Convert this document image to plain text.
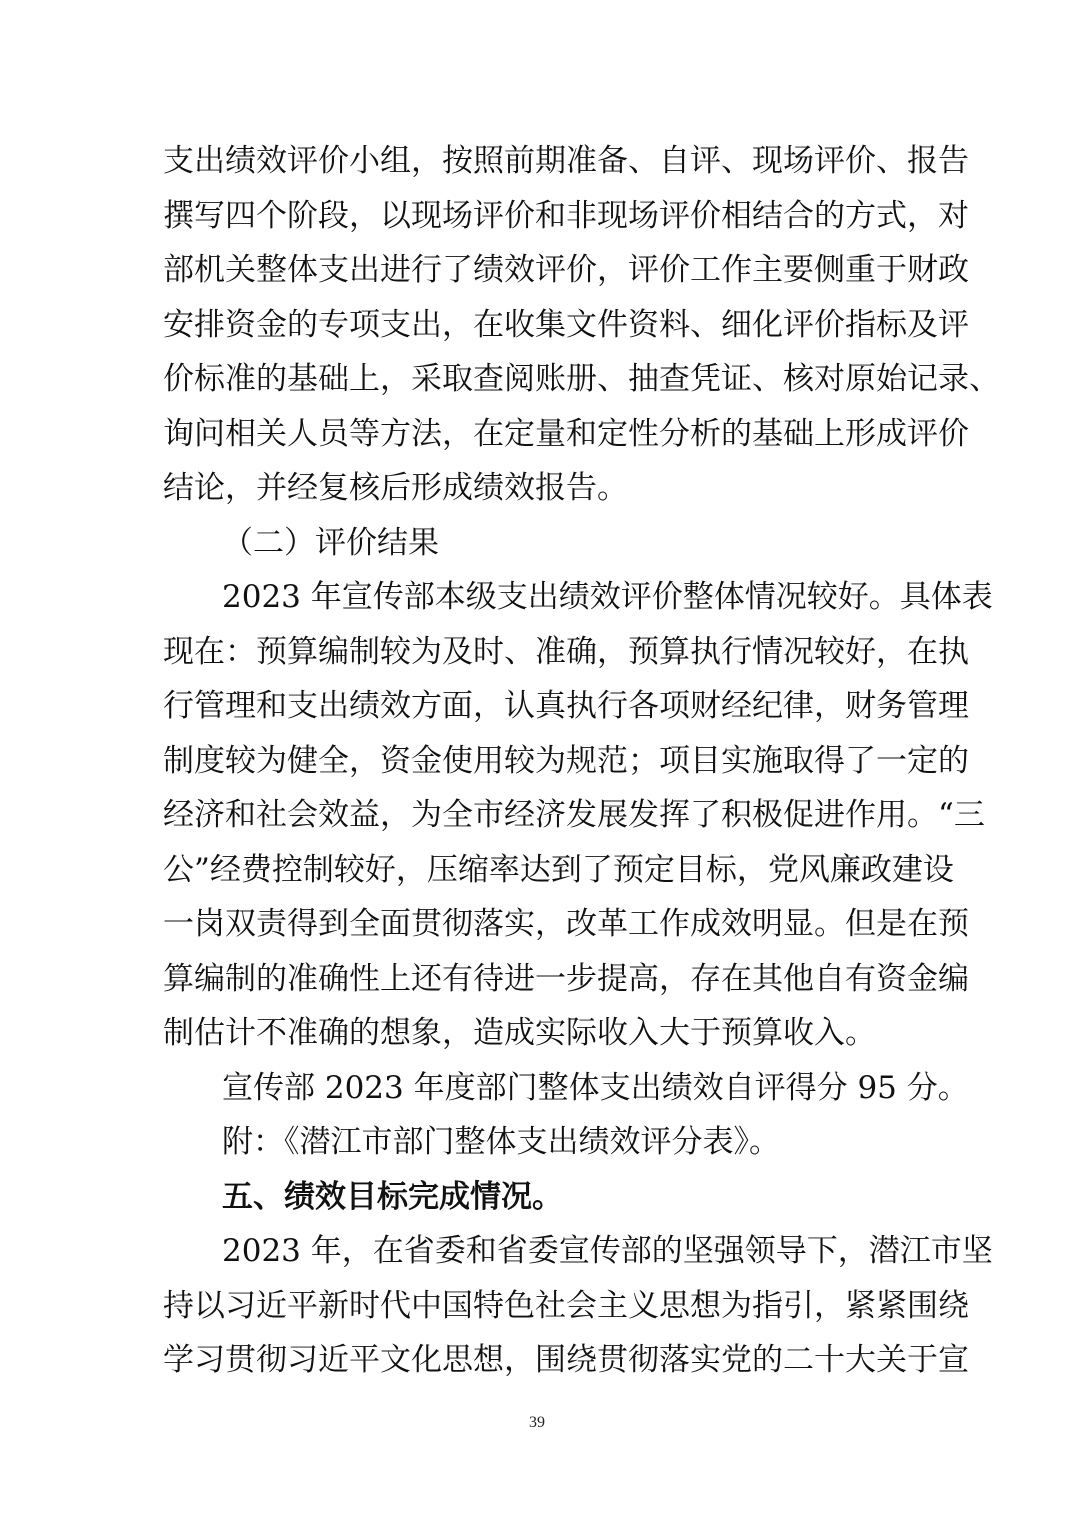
支出绩效评价小组，按照前期准备、自评、现场评价、报告
撰写四个阶段，以现场评价和非现场评价相结合的方式，对
部机关整体支出进行了绩效评价，评价工作主要侧重于财政
安排资金的专项支出，在收集文件资料、细化评价指标及评
价标准的基础上，采取查阅账册、抽查凭证、核对原始记录、
询问相关人员等方法，在定量和定性分析的基础上形成评价
结论，并经复核后形成绩效报告。
（二）评价结果
2023 年宣传部本级支出绩效评价整体情况较好。具体表
现在：预算编制较为及时、准确，预算执行情况较好，在执
行管理和支出绩效方面，认真执行各项财经纪律，财务管理
制度较为健全，资金使用较为规范；项目实施取得了一定的
经济和社会效益，为全市经济发展发挥了积极促进作用。“三
公”经费控制较好，压缩率达到了预定目标，党风廉政建设
一岗双责得到全面贯彻落实，改革工作成效明显。但是在预
算编制的准确性上还有待进一步提高，存在其他自有资金编
制估计不准确的想象，造成实际收入大于预算收入。
宣传部 2023 年度部门整体支出绩效自评得分 95 分。
附：《潜江市部门整体支出绩效评分表》。
五、绩效目标完成情况。
2023 年，在省委和省委宣传部的坚强领导下，潜江市坚
39
持以习近平新时代中国特色社会主义思想为指引，紧紧围绕
学习贯彻习近平文化思想，围绕贯彻落实党的二十大关于宣
